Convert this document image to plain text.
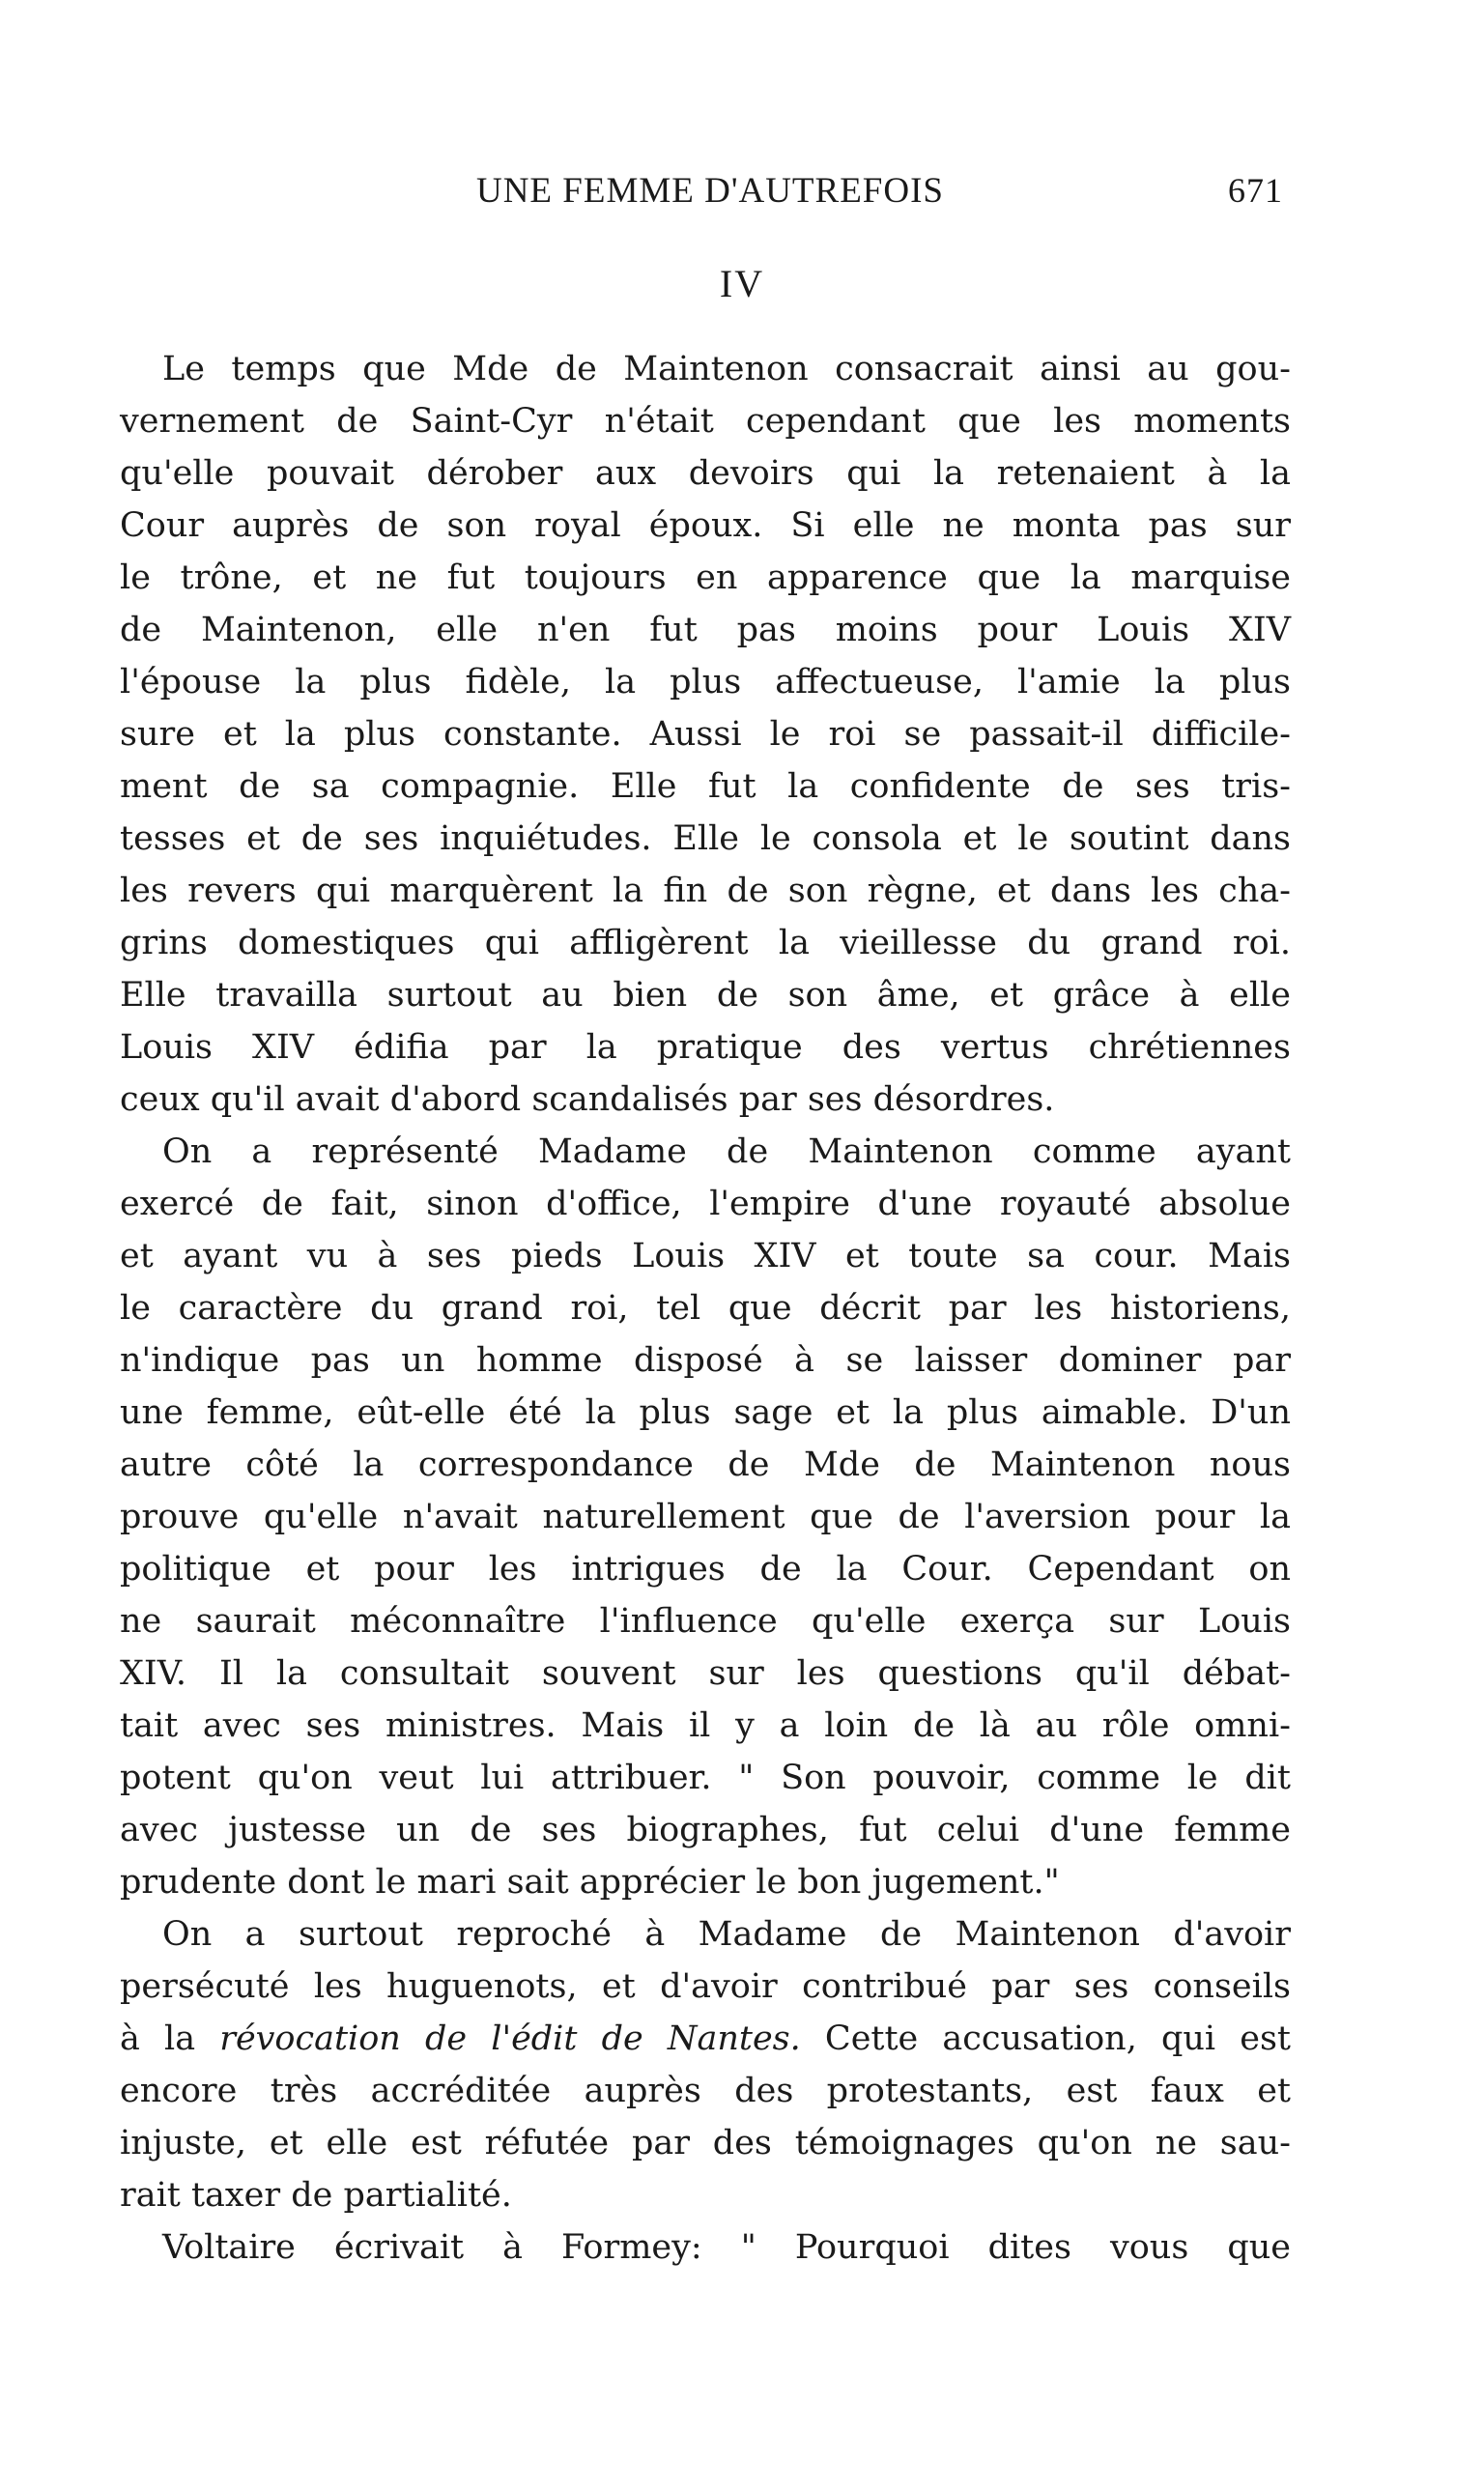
UNE FEMME D'AUTREFOIS	671
IV
Le temps que Mde de Maintenon consacrait ainsi au gou-
vernement de Saint-Cyr n'était cependant que les moments
qu'elle pouvait dérober aux devoirs qui la retenaient à la
Cour auprès de son royal époux. Si elle ne monta pas sur
le trône, et ne fut toujours en apparence que la marquise
de Maintenon, elle n'en fut pas moins pour Louis XIV
l'épouse la plus fidèle, la plus affectueuse, l'amie la plus
sure et la plus constante. Aussi le roi se passait-il difficile-
ment de sa compagnie. Elle fut la confidente de ses tris-
tesses et de ses inquiétudes. Elle le consola et le soutint dans
les revers qui marquèrent la fin de son règne, et dans les cha-
grins domestiques qui affligèrent la vieillesse du grand roi.
Elle travailla surtout au bien de son âme, et grâce à elle
Louis XIV édifia par la pratique des vertus chrétiennes
ceux qu'il avait d'abord scandalisés par ses désordres.
On a représenté Madame de Maintenon comme ayant
exercé de fait, sinon d'office, l'empire d'une royauté absolue
et ayant vu à ses pieds Louis XIV et toute sa cour. Mais
le caractère du grand roi, tel que décrit par les historiens,
n'indique pas un homme disposé à se laisser dominer par
une femme, eût-elle été la plus sage et la plus aimable. D'un
autre côté la correspondance de Mde de Maintenon nous
prouve qu'elle n'avait naturellement que de l'aversion pour la
politique et pour les intrigues de la Cour. Cependant on
ne saurait méconnaître l'influence qu'elle exerça sur Louis
XIV. Il la consultait souvent sur les questions qu'il débat-
tait avec ses ministres. Mais il y a loin de là au rôle omni-
potent qu'on veut lui attribuer. " Son pouvoir, comme le dit
avec justesse un de ses biographes, fut celui d'une femme
prudente dont le mari sait apprécier le bon jugement."
On a surtout reproché à Madame de Maintenon d'avoir
persécuté les huguenots, et d'avoir contribué par ses conseils
à la révocation de l'édit de Nantes. Cette accusation, qui est
encore très accréditée auprès des protestants, est faux et
injuste, et elle est réfutée par des témoignages qu'on ne sau-
rait taxer de partialité.
Voltaire écrivait à Formey: " Pourquoi dites vous que
